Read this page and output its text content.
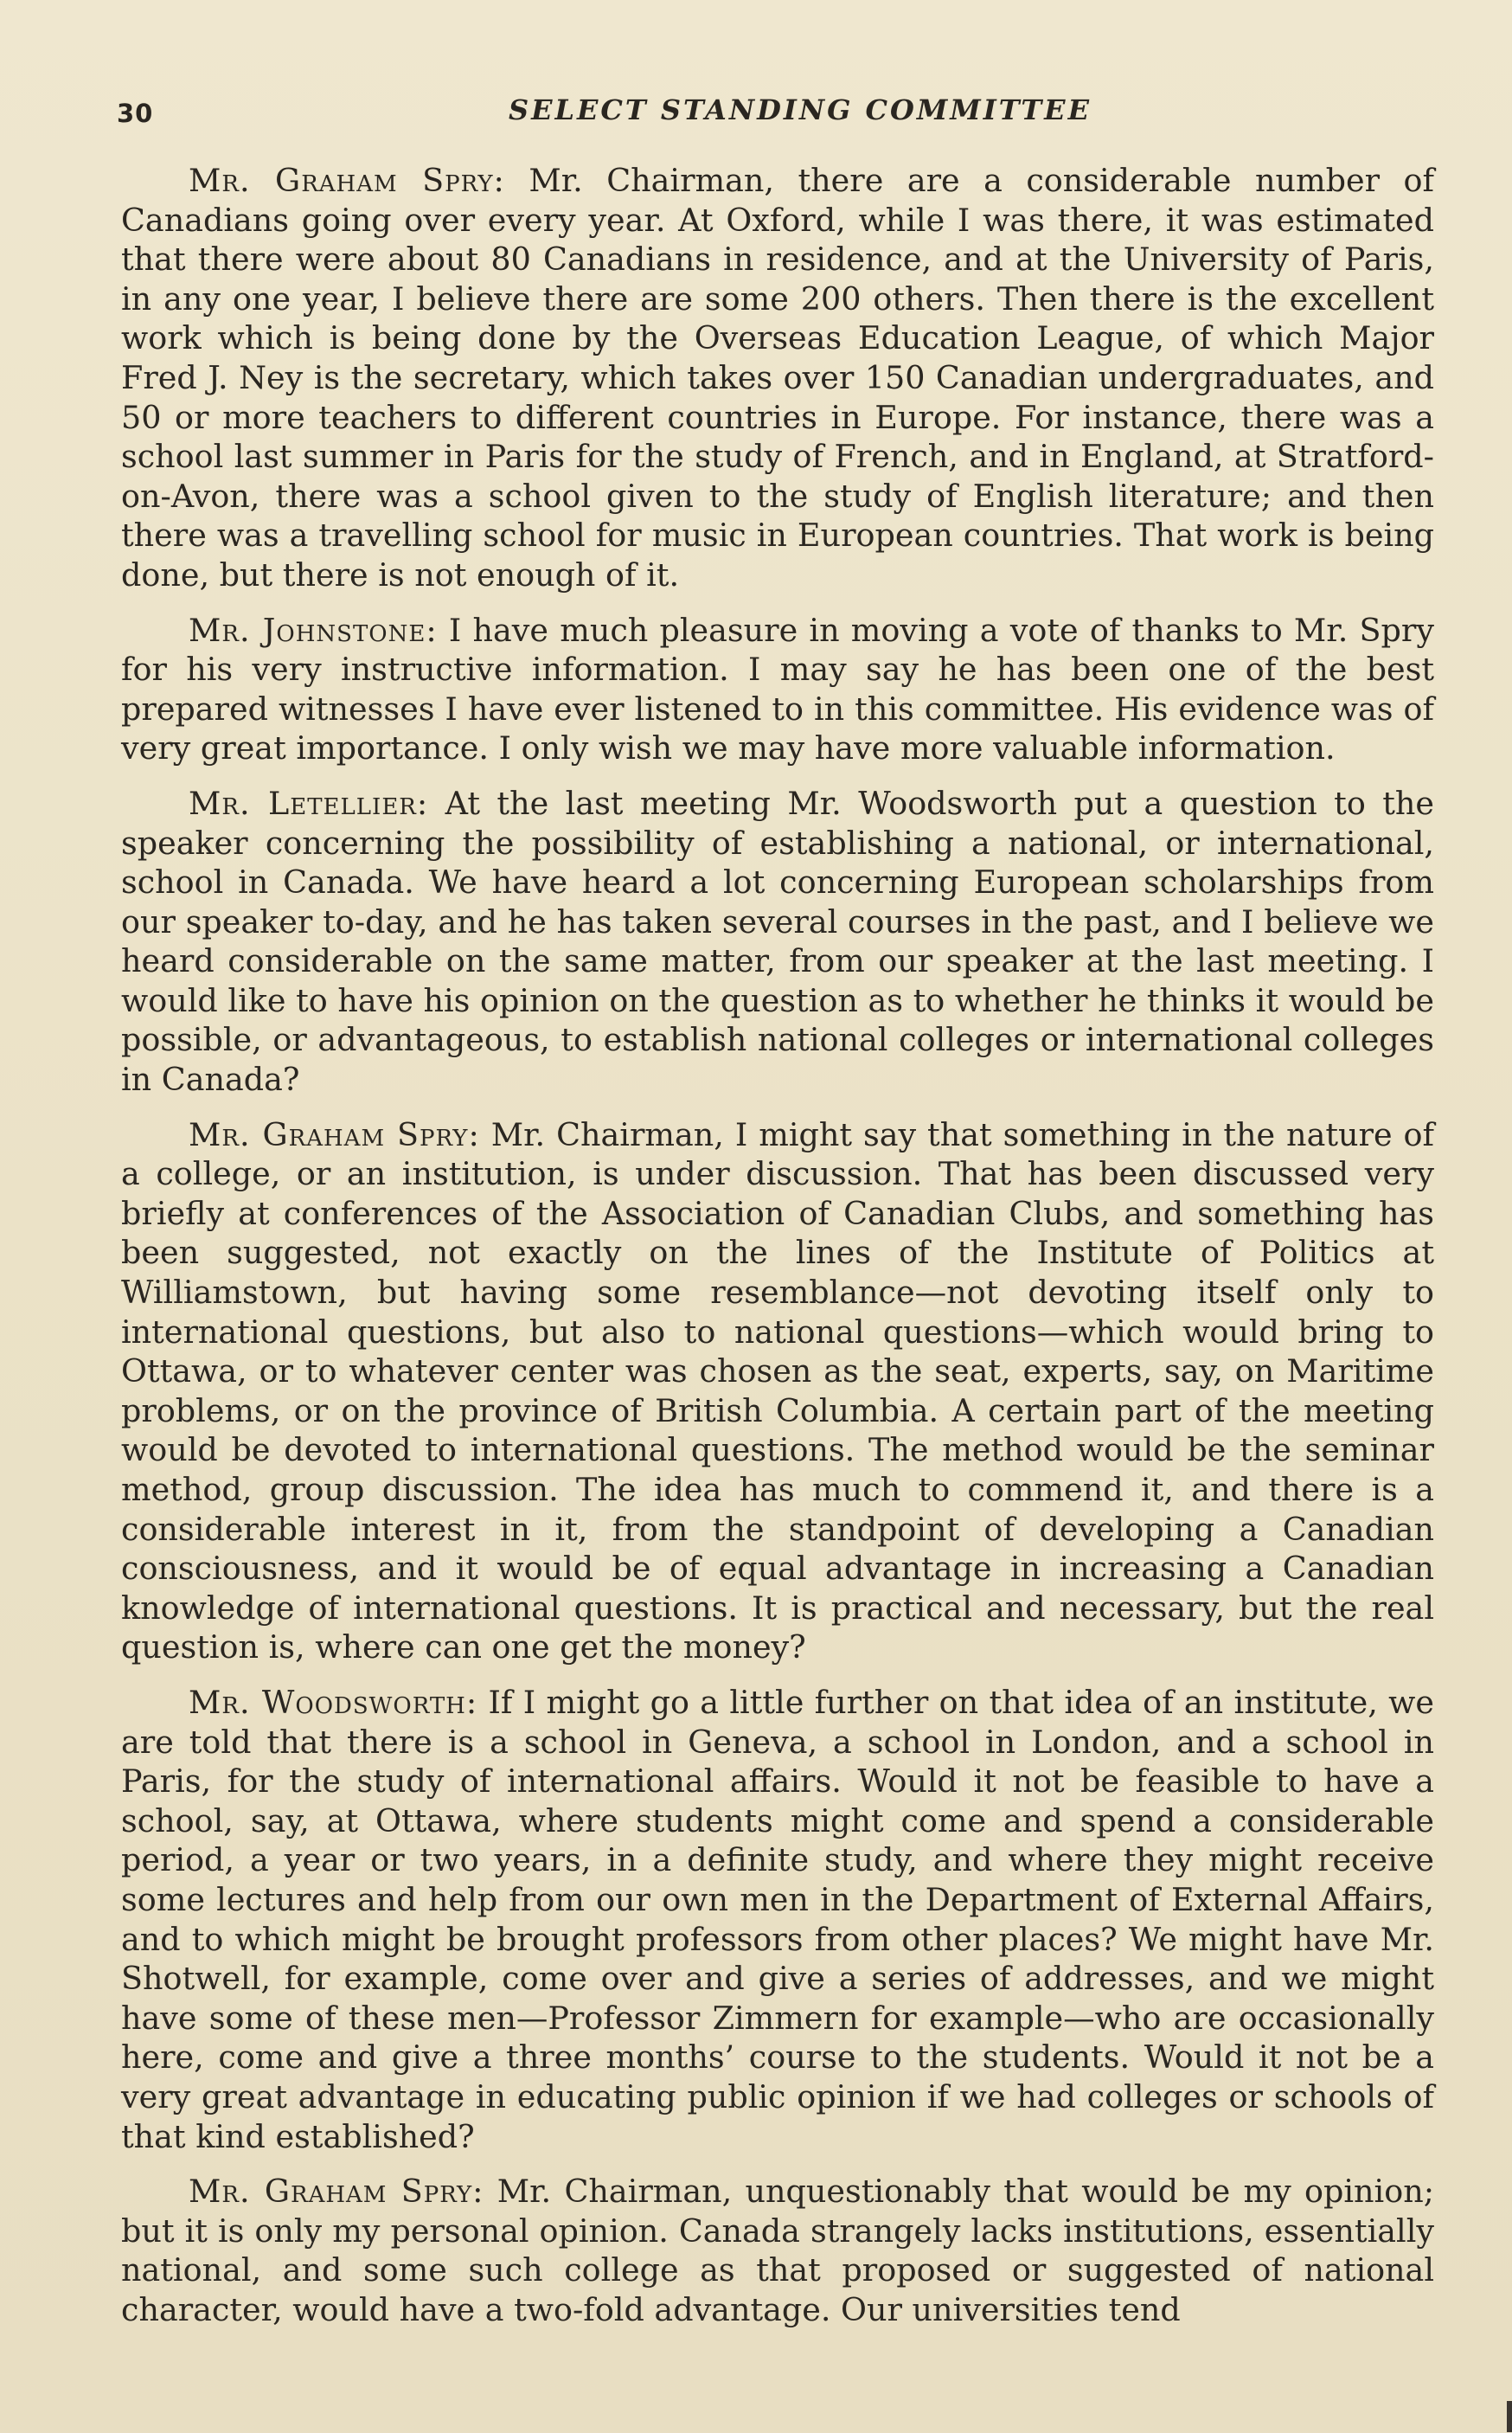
30	SELECT STANDING COMMITTEE

Mr. Graham Spry: Mr. Chairman, there are a considerable number of Canadians going over every year. At Oxford, while I was there, it was estimated that there were about 80 Canadians in residence, and at the University of Paris, in any one year, I believe there are some 200 others. Then there is the excellent work which is being done by the Overseas Education League, of which Major Fred J. Ney is the secretary, which takes over 150 Canadian undergraduates, and 50 or more teachers to different countries in Europe. For instance, there was a school last summer in Paris for the study of French, and in England, at Stratford-on-Avon, there was a school given to the study of English literature; and then there was a travelling school for music in European countries. That work is being done, but there is not enough of it.

Mr. Johnstone: I have much pleasure in moving a vote of thanks to Mr. Spry for his very instructive information. I may say he has been one of the best prepared witnesses I have ever listened to in this committee. His evidence was of very great importance. I only wish we may have more valuable information.

Mr. Letellier: At the last meeting Mr. Woodsworth put a question to the speaker concerning the possibility of establishing a national, or international, school in Canada. We have heard a lot concerning European scholarships from our speaker to-day, and he has taken several courses in the past, and I believe we heard considerable on the same matter, from our speaker at the last meeting. I would like to have his opinion on the question as to whether he thinks it would be possible, or advantageous, to establish national colleges or international colleges in Canada?

Mr. Graham Spry: Mr. Chairman, I might say that something in the nature of a college, or an institution, is under discussion. That has been discussed very briefly at conferences of the Association of Canadian Clubs, and something has been suggested, not exactly on the lines of the Institute of Politics at Williamstown, but having some resemblance—not devoting itself only to international questions, but also to national questions—which would bring to Ottawa, or to whatever center was chosen as the seat, experts, say, on Maritime problems, or on the province of British Columbia. A certain part of the meeting would be devoted to international questions. The method would be the seminar method, group discussion. The idea has much to commend it, and there is a considerable interest in it, from the standpoint of developing a Canadian consciousness, and it would be of equal advantage in increasing a Canadian knowledge of international questions. It is practical and necessary, but the real question is, where can one get the money?

Mr. Woodsworth: If I might go a little further on that idea of an institute, we are told that there is a school in Geneva, a school in London, and a school in Paris, for the study of international affairs. Would it not be feasible to have a school, say, at Ottawa, where students might come and spend a considerable period, a year or two years, in a definite study, and where they might receive some lectures and help from our own men in the Department of External Affairs, and to which might be brought professors from other places? We might have Mr. Shotwell, for example, come over and give a series of addresses, and we might have some of these men—Professor Zimmern for example—who are occasionally here, come and give a three months’ course to the students. Would it not be a very great advantage in educating public opinion if we had colleges or schools of that kind established?

Mr. Graham Spry: Mr. Chairman, unquestionably that would be my opinion; but it is only my personal opinion. Canada strangely lacks institutions, essentially national, and some such college as that proposed or suggested of national character, would have a two-fold advantage. Our universities tend
